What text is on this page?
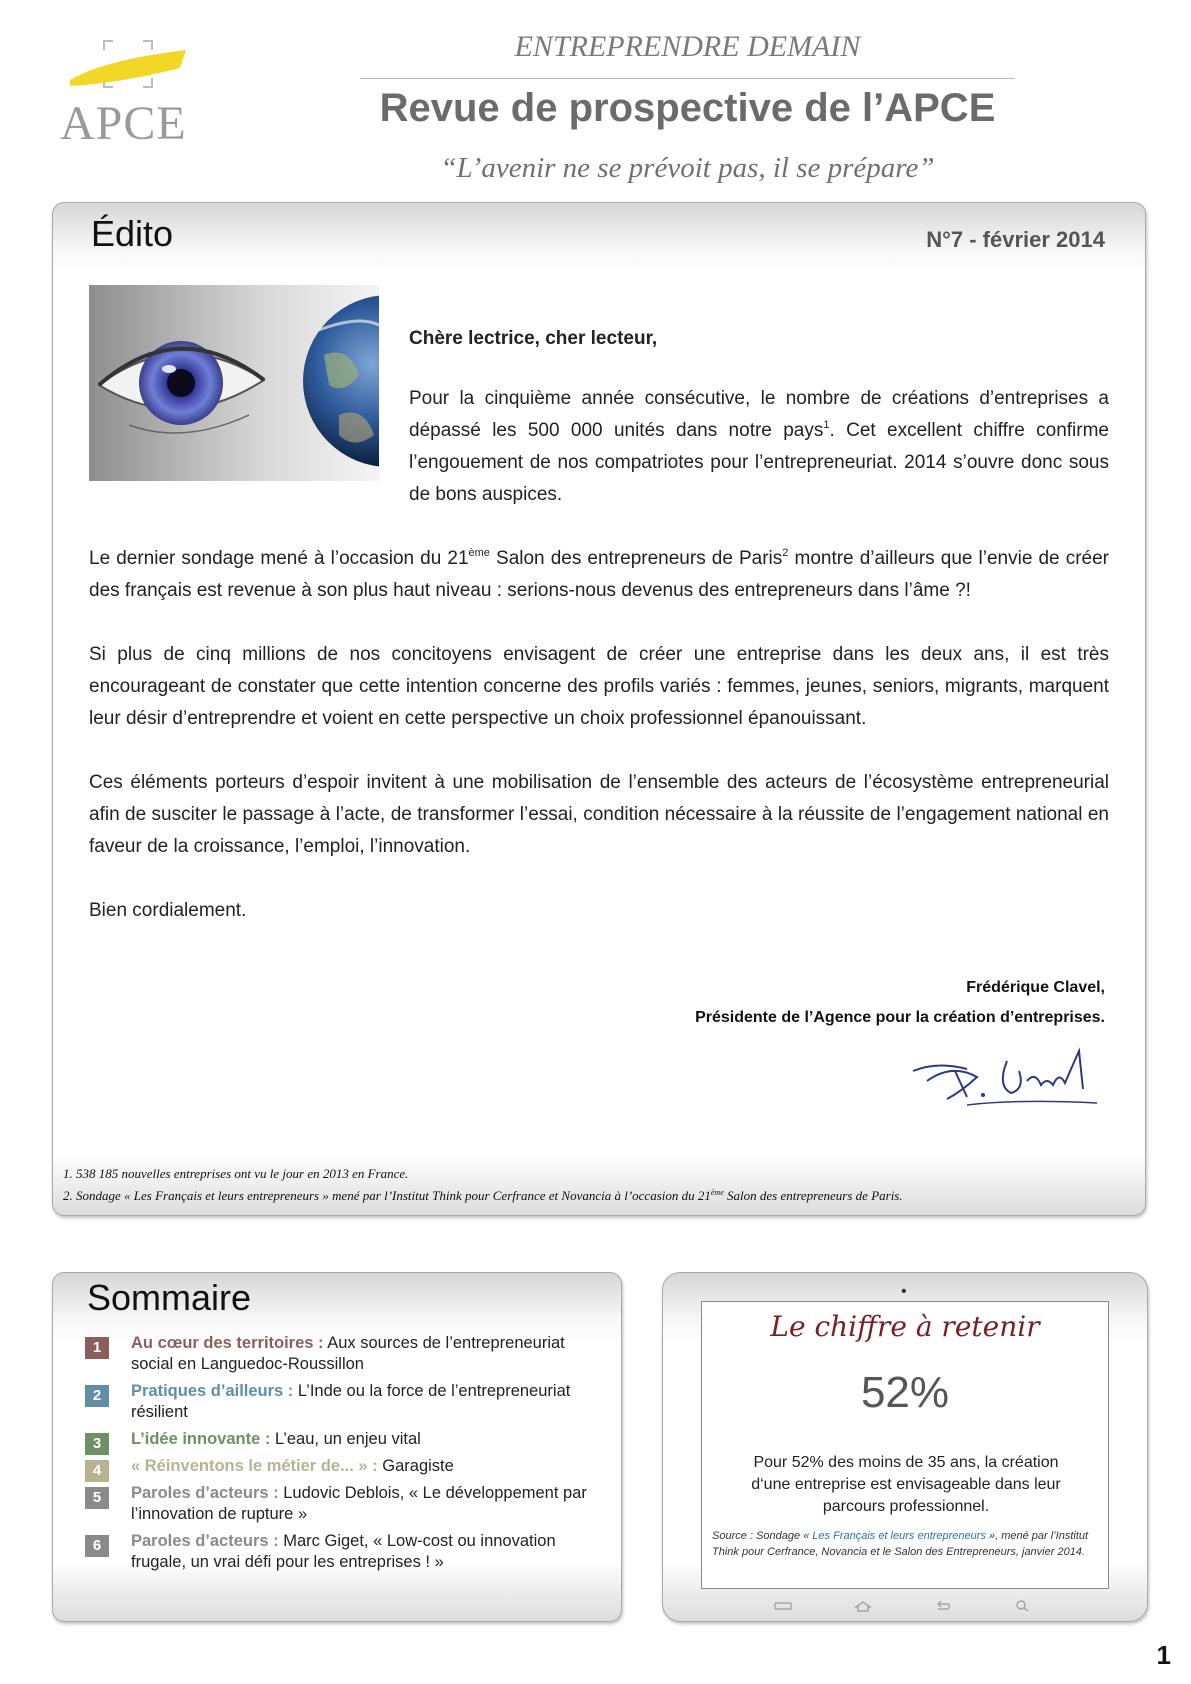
APCE
ENTREPRENDRE DEMAIN
Revue de prospective de l’APCE
“L’avenir ne se prévoit pas, il se prépare”
Édito	N°7 - février 2014

Chère lectrice, cher lecteur,

Pour la cinquième année consécutive, le nombre de créations d’entreprises a dépassé les 500 000 unités dans notre pays$^1$. Cet excellent chiffre confirme l’engouement de nos compatriotes pour l’entrepreneuriat. 2014 s’ouvre donc sous de bons auspices.

Le dernier sondage mené à l’occasion du 21ème Salon des entrepreneurs de Paris$^2$ montre d’ailleurs que l’envie de créer des français est revenue à son plus haut niveau : serions-nous devenus des entrepreneurs dans l’âme ?!

Si plus de cinq millions de nos concitoyens envisagent de créer une entreprise dans les deux ans, il est très encourageant de constater que cette intention concerne des profils variés : femmes, jeunes, seniors, migrants, marquent leur désir d’entreprendre et voient en cette perspective un choix professionnel épanouissant.

Ces éléments porteurs d’espoir invitent à une mobilisation de l’ensemble des acteurs de l’écosystème entrepreneurial afin de susciter le passage à l’acte, de transformer l’essai, condition nécessaire à la réussite de l’engagement national en faveur de la croissance, l’emploi, l’innovation.

Bien cordialement.

Frédérique Clavel,
Présidente de l’Agence pour la création d’entreprises.
1. 538 185 nouvelles entreprises ont vu le jour en 2013 en France.
2. Sondage « Les Français et leurs entrepreneurs » mené par l’Institut Think pour Cerfrance et Novancia à l’occasion du 21ème Salon des entrepreneurs de Paris.
Sommaire
1	Au cœur des territoires : Aux sources de l’entrepreneuriat social en Languedoc-Roussillon
2	Pratiques d’ailleurs : L’Inde ou la force de l’entrepreneuriat résilient
3	L’idée innovante : L’eau, un enjeu vital
4	« Réinventons le métier de... » : Garagiste
5	Paroles d’acteurs : Ludovic Deblois, « Le développement par l’innovation de rupture »
6	Paroles d’acteurs : Marc Giget, « Low-cost ou innovation frugale, un vrai défi pour les entreprises ! »
•
Le chiffre à retenir
52%
Pour 52% des moins de 35 ans, la création d‘une entreprise est envisageable dans leur parcours professionnel.
Source : Sondage « Les Français et leurs entrepreneurs », mené par l’Institut Think pour Cerfrance, Novancia et le Salon des Entrepreneurs, janvier 2014.
1
